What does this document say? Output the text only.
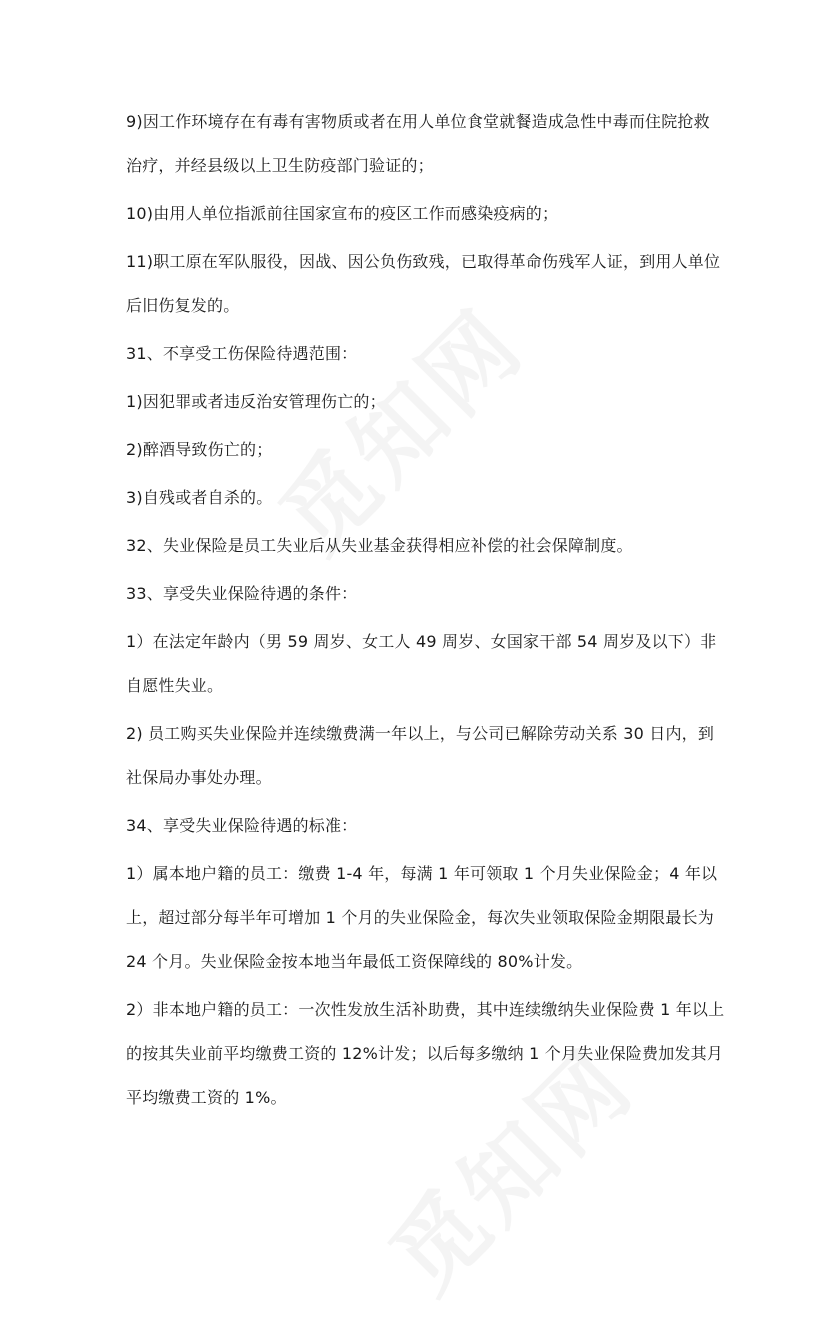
9)因工作环境存在有毒有害物质或者在用人单位食堂就餐造成急性中毒而住院抢救治疗，并经县级以上卫生防疫部门验证的；

10)由用人单位指派前往国家宣布的疫区工作而感染疫病的；

11)职工原在军队服役，因战、因公负伤致残，已取得革命伤残军人证，到用人单位后旧伤复发的。

31、不享受工伤保险待遇范围：

1)因犯罪或者违反治安管理伤亡的；

2)醉酒导致伤亡的；

3)自残或者自杀的。

32、失业保险是员工失业后从失业基金获得相应补偿的社会保障制度。

33、享受失业保险待遇的条件：

1）在法定年龄内（男 59 周岁、女工人 49 周岁、女国家干部 54 周岁及以下）非自愿性失业。

2) 员工购买失业保险并连续缴费满一年以上，与公司已解除劳动关系 30 日内，到社保局办事处办理。

34、享受失业保险待遇的标准：

1）属本地户籍的员工：缴费 1-4 年，每满 1 年可领取 1 个月失业保险金；4 年以上，超过部分每半年可增加 1 个月的失业保险金，每次失业领取保险金期限最长为 24 个月。失业保险金按本地当年最低工资保障线的 80%计发。

2）非本地户籍的员工：一次性发放生活补助费，其中连续缴纳失业保险费 1 年以上的按其失业前平均缴费工资的 12%计发；以后每多缴纳 1 个月失业保险费加发其月平均缴费工资的 1%。
